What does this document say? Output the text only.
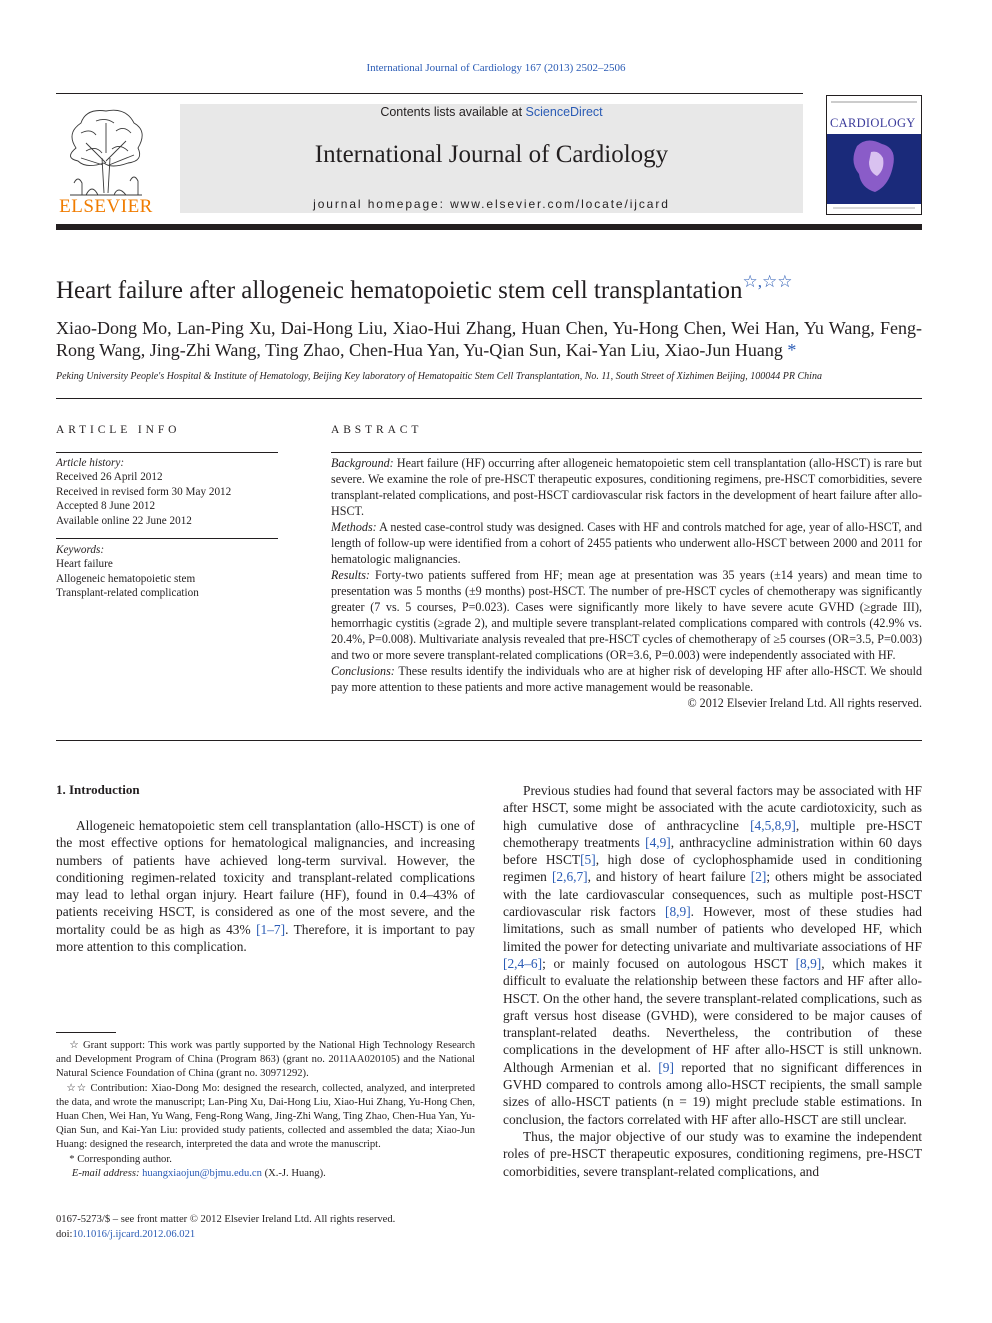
International Journal of Cardiology 167 (2013) 2502–2506
ELSEVIER
Contents lists available at ScienceDirect
International Journal of Cardiology
journal homepage: www.elsevier.com/locate/ijcard
CARDIOLOGY
Heart failure after allogeneic hematopoietic stem cell transplantation☆,☆☆
Xiao-Dong Mo, Lan-Ping Xu, Dai-Hong Liu, Xiao-Hui Zhang, Huan Chen, Yu-Hong Chen, Wei Han, Yu Wang, Feng-Rong Wang, Jing-Zhi Wang, Ting Zhao, Chen-Hua Yan, Yu-Qian Sun, Kai-Yan Liu, Xiao-Jun Huang *
Peking University People's Hospital & Institute of Hematology, Beijing Key laboratory of Hematopaitic Stem Cell Transplantation, No. 11, South Street of Xizhimen Beijing, 100044 PR China
ARTICLE INFO
Article history:
Received 26 April 2012
Received in revised form 30 May 2012
Accepted 8 June 2012
Available online 22 June 2012
Keywords:
Heart failure
Allogeneic hematopoietic stem
Transplant-related complication
ABSTRACT

Background: Heart failure (HF) occurring after allogeneic hematopoietic stem cell transplantation (allo-HSCT) is rare but severe. We examine the role of pre-HSCT therapeutic exposures, conditioning regimens, pre-HSCT comorbidities, severe transplant-related complications, and post-HSCT cardiovascular risk factors in the development of heart failure after allo-HSCT.

Methods: A nested case-control study was designed. Cases with HF and controls matched for age, year of allo-HSCT, and length of follow-up were identified from a cohort of 2455 patients who underwent allo-HSCT between 2000 and 2011 for hematologic malignancies.

Results: Forty-two patients suffered from HF; mean age at presentation was 35 years (±14 years) and mean time to presentation was 5 months (±9 months) post-HSCT. The number of pre-HSCT cycles of chemotherapy was significantly greater (7 vs. 5 courses, P=0.023). Cases were significantly more likely to have severe acute GVHD (≥grade III), hemorrhagic cystitis (≥grade 2), and multiple severe transplant-related complications compared with controls (42.9% vs. 20.4%, P=0.008). Multivariate analysis revealed that pre-HSCT cycles of chemotherapy of ≥5 courses (OR=3.5, P=0.003) and two or more severe transplant-related complications (OR=3.6, P=0.003) were independently associated with HF.

Conclusions: These results identify the individuals who are at higher risk of developing HF after allo-HSCT. We should pay more attention to these patients and more active management would be reasonable.

© 2012 Elsevier Ireland Ltd. All rights reserved.

1. Introduction

Allogeneic hematopoietic stem cell transplantation (allo-HSCT) is one of the most effective options for hematological malignancies, and increasing numbers of patients have achieved long-term survival. However, the conditioning regimen-related toxicity and transplant-related complications may lead to lethal organ injury. Heart failure (HF), found in 0.4–43% of patients receiving HSCT, is considered as one of the most severe, and the mortality could be as high as 43% [1–7]. Therefore, it is important to pay more attention to this complication.

☆ Grant support: This work was partly supported by the National High Technology Research and Development Program of China (Program 863) (grant no. 2011AA020105) and the National Natural Science Foundation of China (grant no. 30971292).

☆☆ Contribution: Xiao-Dong Mo: designed the research, collected, analyzed, and interpreted the data, and wrote the manuscript; Lan-Ping Xu, Dai-Hong Liu, Xiao-Hui Zhang, Yu-Hong Chen, Huan Chen, Wei Han, Yu Wang, Feng-Rong Wang, Jing-Zhi Wang, Ting Zhao, Chen-Hua Yan, Yu-Qian Sun, and Kai-Yan Liu: provided study patients, collected and assembled the data; Xiao-Jun Huang: designed the research, interpreted the data and wrote the manuscript.

* Corresponding author.

E-mail address: huangxiaojun@bjmu.edu.cn (X.-J. Huang).

0167-5273/$ – see front matter © 2012 Elsevier Ireland Ltd. All rights reserved.
doi:10.1016/j.ijcard.2012.06.021

Previous studies had found that several factors may be associated with HF after HSCT, some might be associated with the acute cardiotoxicity, such as high cumulative dose of anthracycline [4,5,8,9], multiple pre-HSCT chemotherapy treatments [4,9], anthracycline administration within 60 days before HSCT[5], high dose of cyclophosphamide used in conditioning regimen [2,6,7], and history of heart failure [2]; others might be associated with the late cardiovascular consequences, such as multiple post-HSCT cardiovascular risk factors [8,9]. However, most of these studies had limitations, such as small number of patients who developed HF, which limited the power for detecting univariate and multivariate associations of HF [2,4–6]; or mainly focused on autologous HSCT [8,9], which makes it difficult to evaluate the relationship between these factors and HF after allo-HSCT. On the other hand, the severe transplant-related complications, such as graft versus host disease (GVHD), were considered to be major causes of transplant-related deaths. Nevertheless, the contribution of these complications in the development of HF after allo-HSCT is still unknown. Although Armenian et al. [9] reported that no significant differences in GVHD compared to controls among allo-HSCT recipients, the small sample sizes of allo-HSCT patients (n = 19) might preclude stable estimations. In conclusion, the factors correlated with HF after allo-HSCT are still unclear.

Thus, the major objective of our study was to examine the independent roles of pre-HSCT therapeutic exposures, conditioning regimens, pre-HSCT comorbidities, severe transplant-related complications, and
